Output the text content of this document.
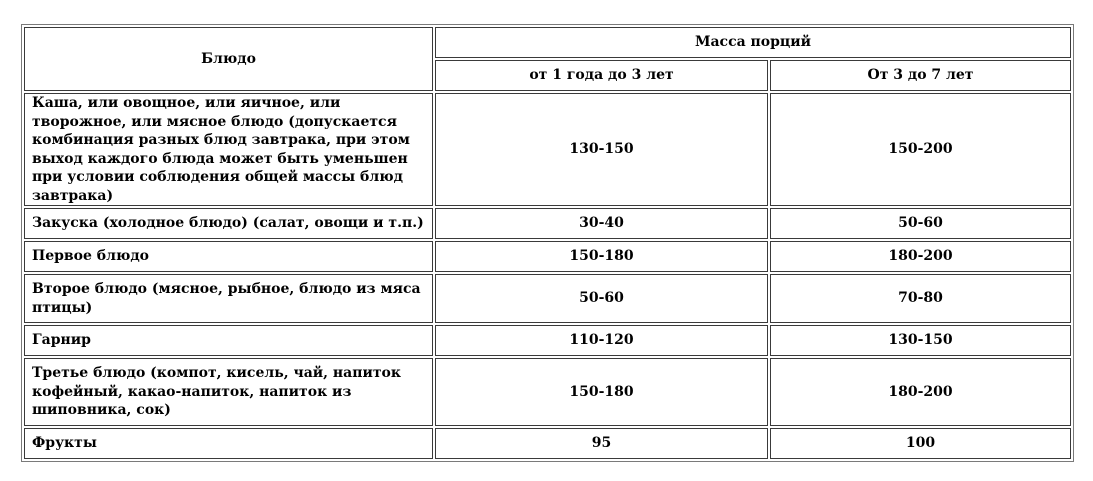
Блюдо	Масса порций	
	от 1 года до 3 лет	От 3 до 7 лет
Каша, или овощное, или яичное, или творожное, или мясное блюдо (допускается комбинация разных блюд завтрака, при этом выход каждого блюда может быть уменьшен при условии соблюдения общей массы блюд завтрака)	130-150	150-200
Закуска (холодное блюдо) (салат, овощи и т.п.)	30-40	50-60
Первое блюдо	150-180	180-200
Второе блюдо (мясное, рыбное, блюдо из мяса птицы)	50-60	70-80
Гарнир	110-120	130-150
Третье блюдо (компот, кисель, чай, напиток кофейный, какао-напиток, напиток из шиповника, сок)	150-180	180-200
Фрукты	95	100
